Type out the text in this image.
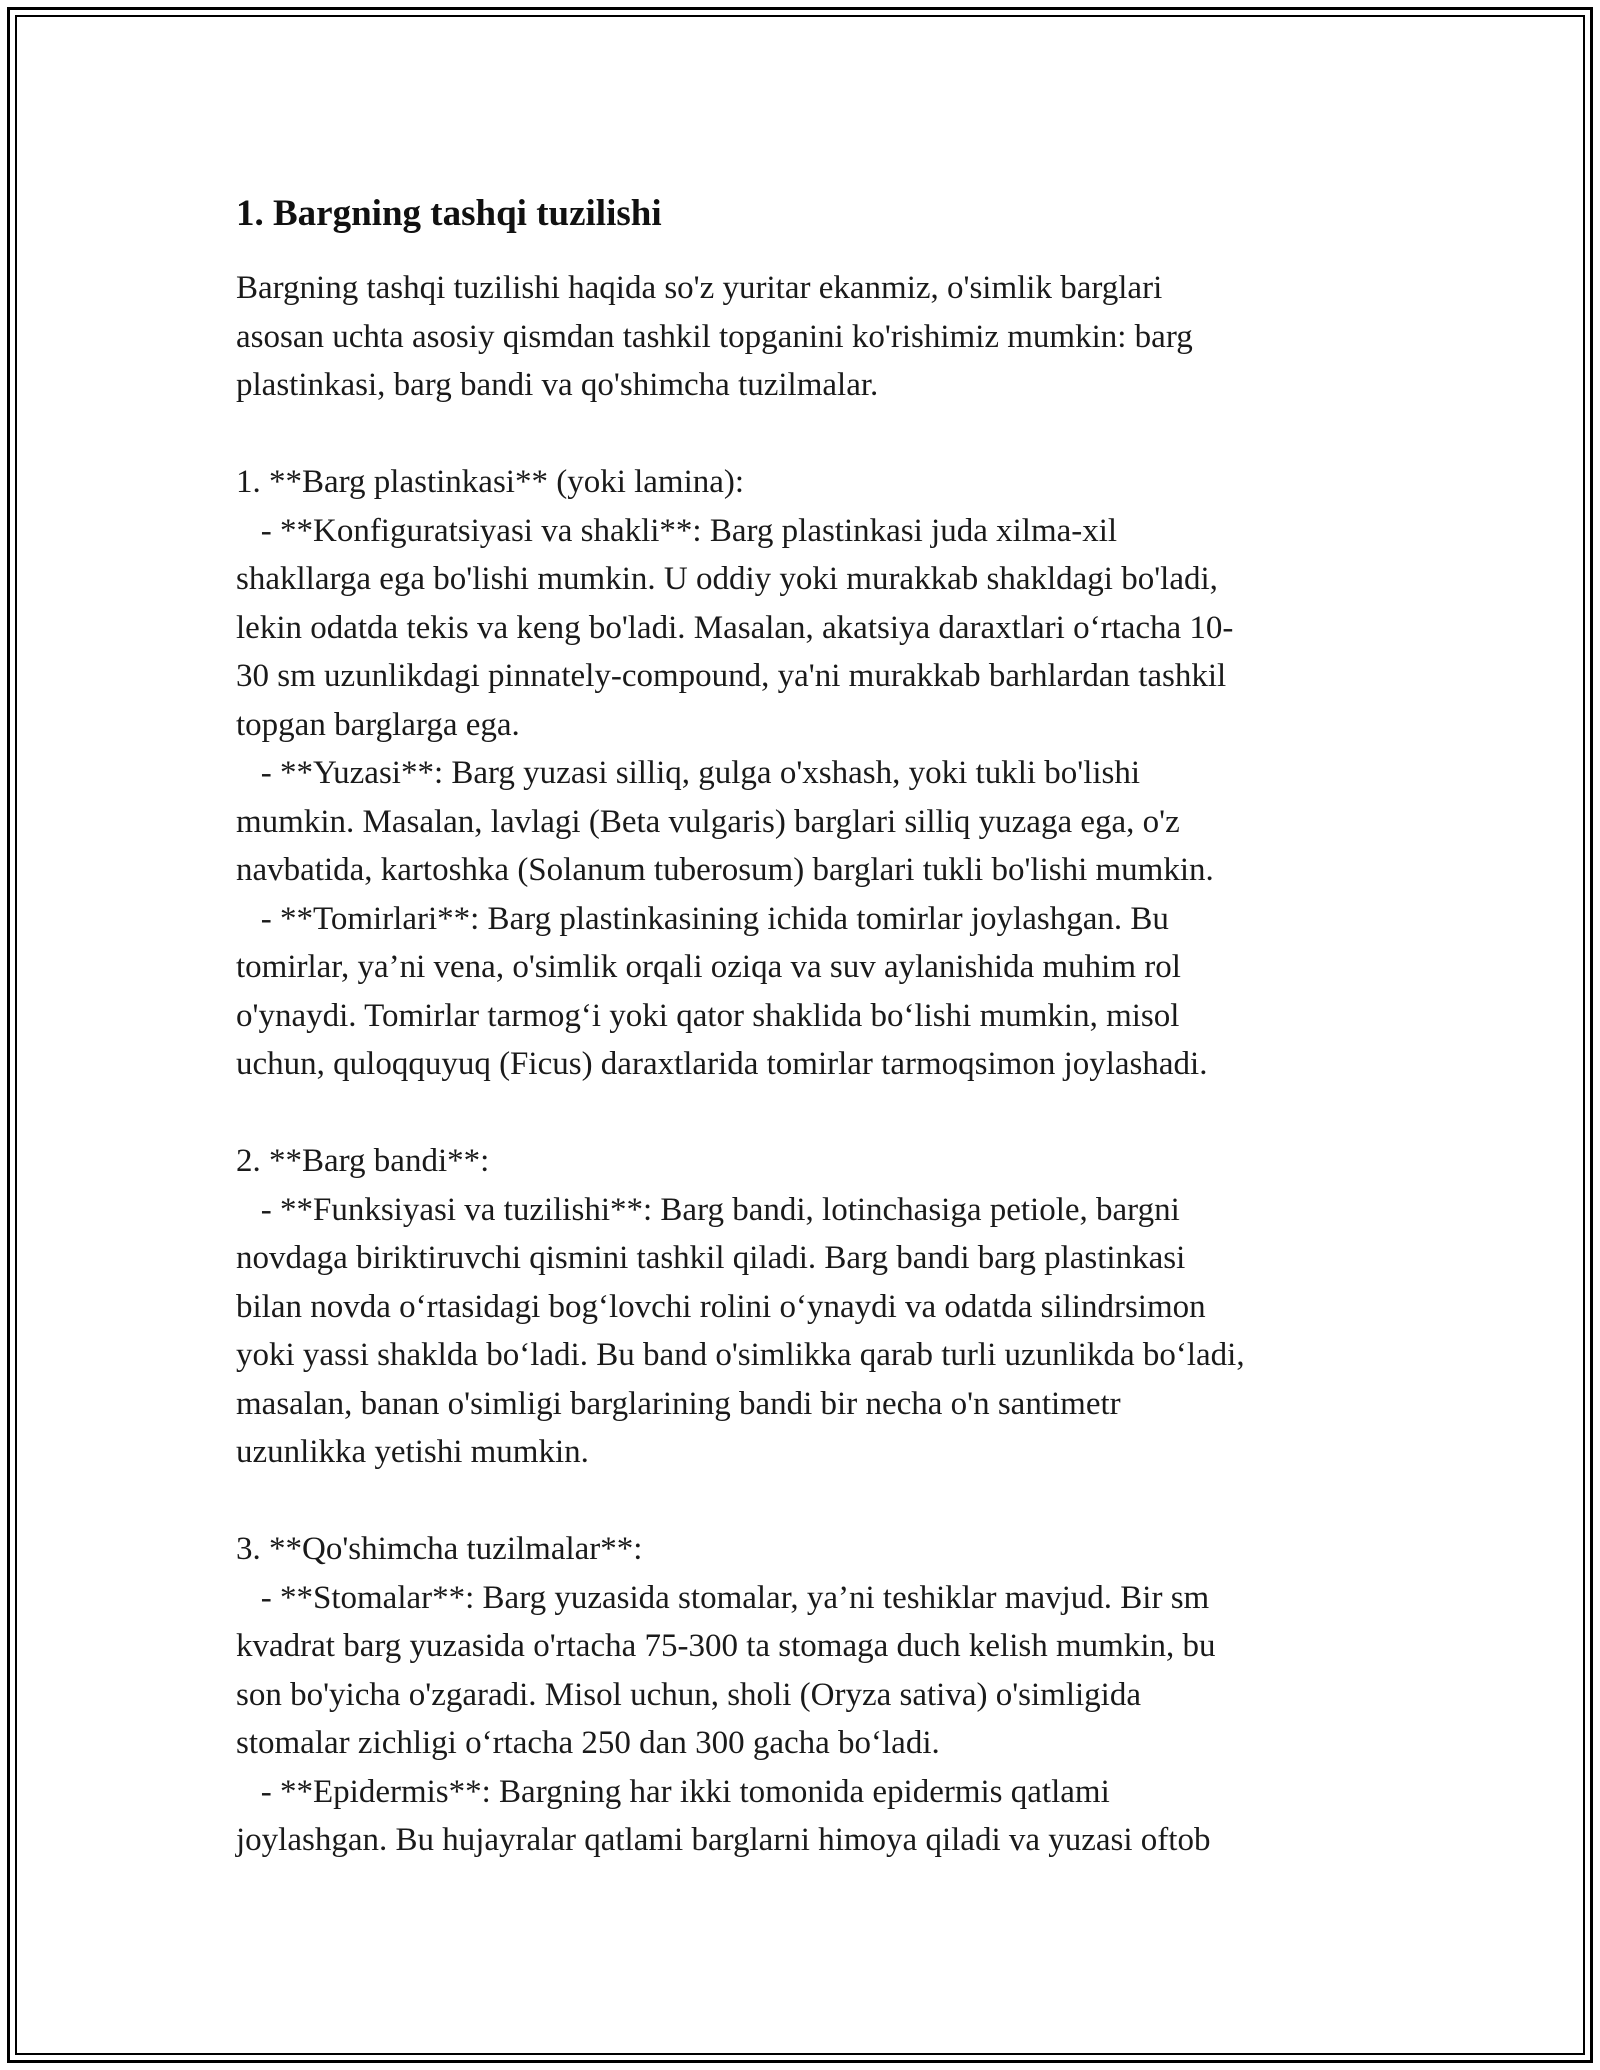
1. Bargning tashqi tuzilishi
Bargning tashqi tuzilishi haqida so'z yuritar ekanmiz, o'simlik barglari
asosan uchta asosiy qismdan tashkil topganini ko'rishimiz mumkin: barg
plastinkasi, barg bandi va qo'shimcha tuzilmalar.
1. **Barg plastinkasi** (yoki lamina):
- **Konfiguratsiyasi va shakli**: Barg plastinkasi juda xilma-xil
shakllarga ega bo'lishi mumkin. U oddiy yoki murakkab shakldagi bo'ladi,
lekin odatda tekis va keng bo'ladi. Masalan, akatsiya daraxtlari o‘rtacha 10-
30 sm uzunlikdagi pinnately-compound, ya'ni murakkab barhlardan tashkil
topgan barglarga ega.
- **Yuzasi**: Barg yuzasi silliq, gulga o'xshash, yoki tukli bo'lishi
mumkin. Masalan, lavlagi (Beta vulgaris) barglari silliq yuzaga ega, o'z
navbatida, kartoshka (Solanum tuberosum) barglari tukli bo'lishi mumkin.
- **Tomirlari**: Barg plastinkasining ichida tomirlar joylashgan. Bu
tomirlar, ya’ni vena, o'simlik orqali oziqa va suv aylanishida muhim rol
o'ynaydi. Tomirlar tarmog‘i yoki qator shaklida bo‘lishi mumkin, misol
uchun, quloqquyuq (Ficus) daraxtlarida tomirlar tarmoqsimon joylashadi.
2. **Barg bandi**:
- **Funksiyasi va tuzilishi**: Barg bandi, lotinchasiga petiole, bargni
novdaga biriktiruvchi qismini tashkil qiladi. Barg bandi barg plastinkasi
bilan novda o‘rtasidagi bog‘lovchi rolini o‘ynaydi va odatda silindrsimon
yoki yassi shaklda bo‘ladi. Bu band o'simlikka qarab turli uzunlikda bo‘ladi,
masalan, banan o'simligi barglarining bandi bir necha o'n santimetr
uzunlikka yetishi mumkin.
3. **Qo'shimcha tuzilmalar**:
- **Stomalar**: Barg yuzasida stomalar, ya’ni teshiklar mavjud. Bir sm
kvadrat barg yuzasida o'rtacha 75-300 ta stomaga duch kelish mumkin, bu
son bo'yicha o'zgaradi. Misol uchun, sholi (Oryza sativa) o'simligida
stomalar zichligi o‘rtacha 250 dan 300 gacha bo‘ladi.
- **Epidermis**: Bargning har ikki tomonida epidermis qatlami
joylashgan. Bu hujayralar qatlami barglarni himoya qiladi va yuzasi oftob
